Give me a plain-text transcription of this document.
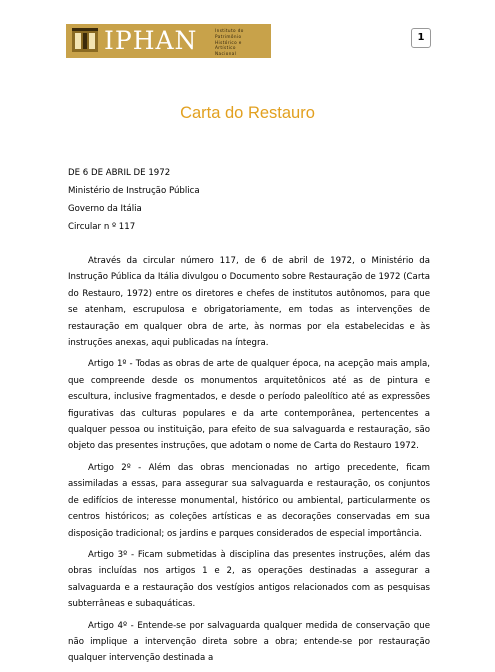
1
IPHAN	Instituto do
Patrimônio
Histórico e
Artístico
Nacional
Carta do Restauro
DE 6 DE ABRIL DE 1972
Ministério de Instrução Pública
Governo da Itália
Circular n º 117

Através da circular número 117, de 6 de abril de 1972, o Ministério da Instrução Pública da Itália divulgou o Documento sobre Restauração de 1972 (Carta do Restauro, 1972) entre os diretores e chefes de institutos autônomos, para que se atenham, escrupulosa e obrigatoriamente, em todas as intervenções de restauração em qualquer obra de arte, às normas por ela estabelecidas e às instruções anexas, aqui publicadas na íntegra.

Artigo 1º - Todas as obras de arte de qualquer época, na acepção mais ampla, que compreende desde os monumentos arquitetônicos até as de pintura e escultura, inclusive fragmentados, e desde o período paleolítico até as expressões figurativas das culturas populares e da arte contemporânea, pertencentes a qualquer pessoa ou instituição, para efeito de sua salvaguarda e restauração, são objeto das presentes instruções, que adotam o nome de Carta do Restauro 1972.

Artigo 2º - Além das obras mencionadas no artigo precedente, ficam assimiladas a essas, para assegurar sua salvaguarda e restauração, os conjuntos de edifícios de interesse monumental, histórico ou ambiental, particularmente os centros históricos; as coleções artísticas e as decorações conservadas em sua disposição tradicional; os jardins e parques considerados de especial importância.

Artigo 3º - Ficam submetidas à disciplina das presentes instruções, além das obras incluídas nos artigos 1 e 2, as operações destinadas a assegurar a salvaguarda e a restauração dos vestígios antigos relacionados com as pesquisas subterrâneas e subaquáticas.

Artigo 4º - Entende-se por salvaguarda qualquer medida de conservação que não implique a intervenção direta sobre a obra; entende-se por restauração qualquer intervenção destinada a
